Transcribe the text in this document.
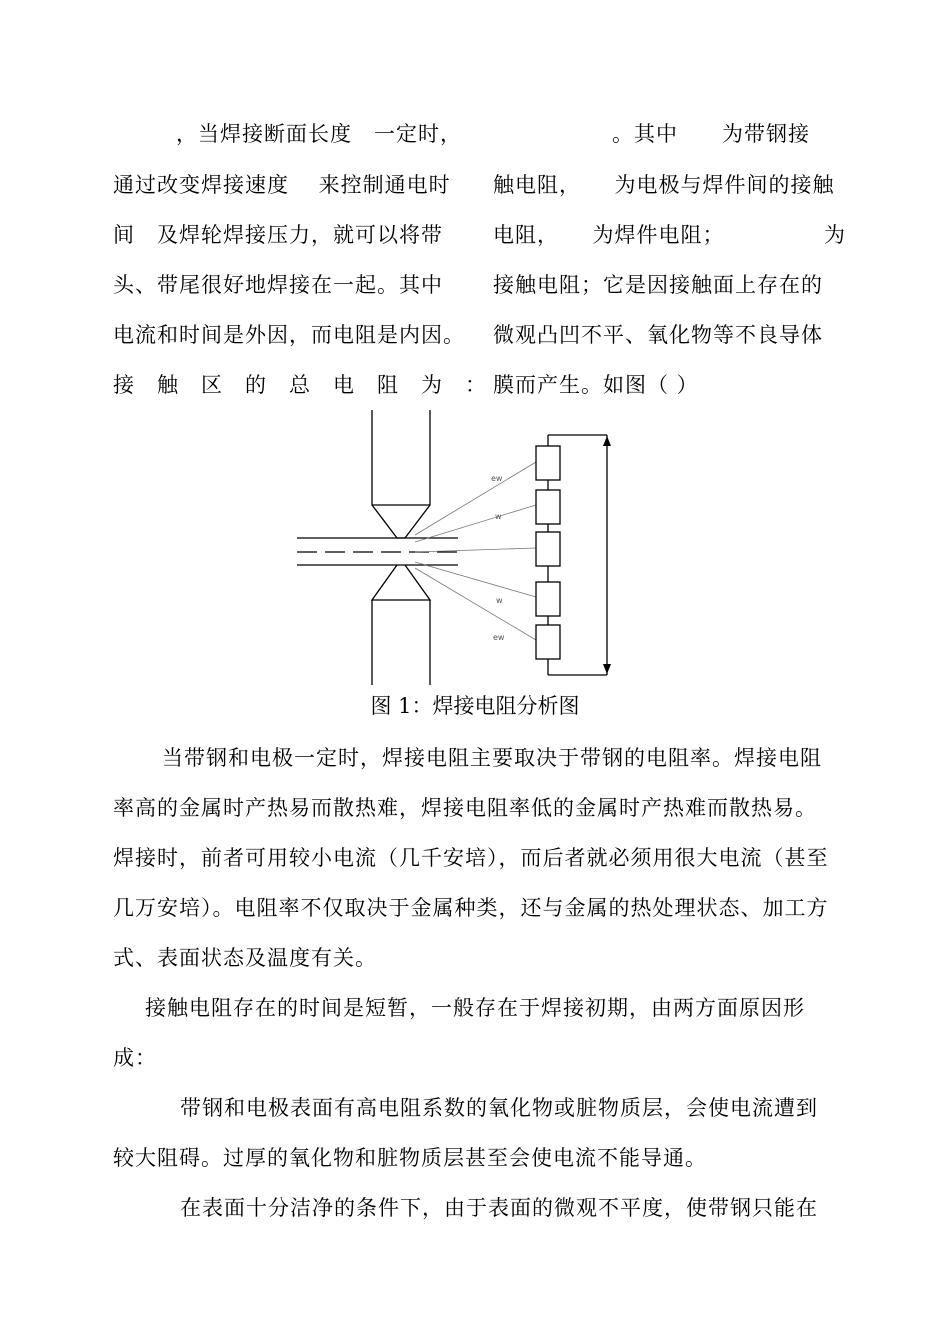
，当焊接断面长度　一定时，
通过改变焊接速度　 来控制通电时
间　及焊轮焊接压力，就可以将带
头、带尾很好地焊接在一起。其中
电流和时间是外因，而电阻是内因。
接　触　区　的　总　电　阻　为　：
。其中　　为带钢接
触电阻，　　为电极与焊件间的接触
电阻，　　为焊件电阻；　　　　　为
接触电阻；它是因接触面上存在的
微观凸凹不平、氧化物等不良导体
膜而产生。如图（ ）
ew
w
w
ew
图 1：焊接电阻分析图
当带钢和电极一定时，焊接电阻主要取决于带钢的电阻率。焊接电阻
率高的金属时产热易而散热难，焊接电阻率低的金属时产热难而散热易。
焊接时，前者可用较小电流（几千安培），而后者就必须用很大电流（甚至
几万安培）。电阻率不仅取决于金属种类，还与金属的热处理状态、加工方
式、表面状态及温度有关。
接触电阻存在的时间是短暂，一般存在于焊接初期，由两方面原因形
成：
带钢和电极表面有高电阻系数的氧化物或脏物质层，会使电流遭到
较大阻碍。过厚的氧化物和脏物质层甚至会使电流不能导通。
在表面十分洁净的条件下，由于表面的微观不平度，使带钢只能在
